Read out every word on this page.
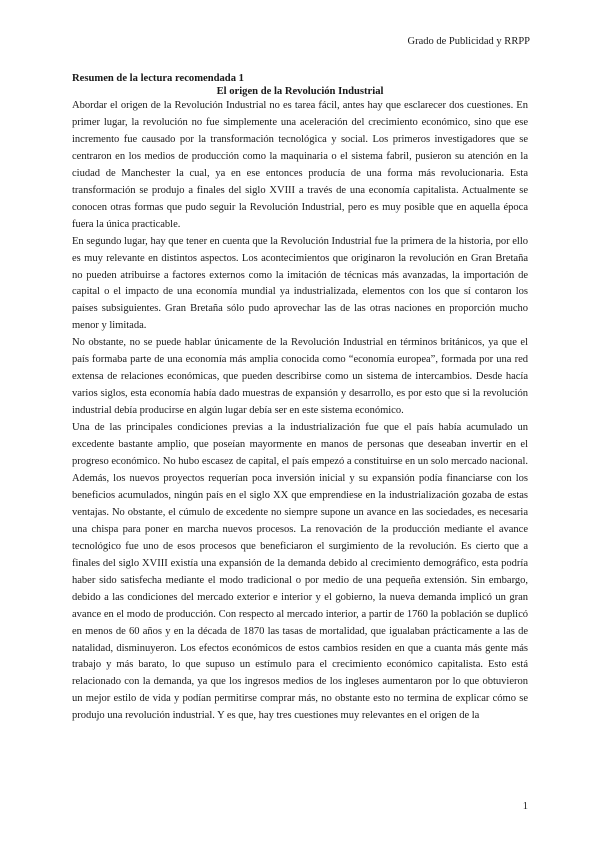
Grado de Publicidad y RRPP

Resumen de la lectura recomendada 1

El origen de la Revolución Industrial

Abordar el origen de la Revolución Industrial no es tarea fácil, antes hay que esclarecer dos cuestiones. En primer lugar, la revolución no fue simplemente una aceleración del crecimiento económico, sino que ese incremento fue causado por la transformación tecnológica y social. Los primeros investigadores que se centraron en los medios de producción como la maquinaria o el sistema fabril, pusieron su atención en la ciudad de Manchester la cual, ya en ese entonces producía de una forma más revolucionaria. Esta transformación se produjo a finales del siglo XVIII a través de una economía capitalista. Actualmente se conocen otras formas que pudo seguir la Revolución Industrial, pero es muy posible que en aquella época fuera la única practicable.

En segundo lugar, hay que tener en cuenta que la Revolución Industrial fue la primera de la historia, por ello es muy relevante en distintos aspectos. Los acontecimientos que originaron la revolución en Gran Bretaña no pueden atribuirse a factores externos como la imitación de técnicas más avanzadas, la importación de capital o el impacto de una economía mundial ya industrializada, elementos con los que sí contaron los países subsiguientes. Gran Bretaña sólo pudo aprovechar las de las otras naciones en proporción mucho menor y limitada.

No obstante, no se puede hablar únicamente de la Revolución Industrial en términos británicos, ya que el país formaba parte de una economía más amplia conocida como “economía europea”, formada por una red extensa de relaciones económicas, que pueden describirse como un sistema de intercambios. Desde hacía varios siglos, esta economía había dado muestras de expansión y desarrollo, es por esto que si la revolución industrial debía producirse en algún lugar debía ser en este sistema económico.

Una de las principales condiciones previas a la industrialización fue que el país había acumulado un excedente bastante amplio, que poseían mayormente en manos de personas que deseaban invertir en el progreso económico. No hubo escasez de capital, el país empezó a constituirse en un solo mercado nacional. Además, los nuevos proyectos requerían poca inversión inicial y su expansión podía financiarse con los beneficios acumulados, ningún país en el siglo XX que emprendiese en la industrialización gozaba de estas ventajas. No obstante, el cúmulo de excedente no siempre supone un avance en las sociedades, es necesaria una chispa para poner en marcha nuevos procesos. La renovación de la producción mediante el avance tecnológico fue uno de esos procesos que beneficiaron el surgimiento de la revolución. Es cierto que a finales del siglo XVIII existía una expansión de la demanda debido al crecimiento demográfico, esta podría haber sido satisfecha mediante el modo tradicional o por medio de una pequeña extensión. Sin embargo, debido a las condiciones del mercado exterior e interior y el gobierno, la nueva demanda implicó un gran avance en el modo de producción. Con respecto al mercado interior, a partir de 1760 la población se duplicó en menos de 60 años y en la década de 1870 las tasas de mortalidad, que igualaban prácticamente a las de natalidad, disminuyeron. Los efectos económicos de estos cambios residen en que a cuanta más gente más trabajo y más barato, lo que supuso un estímulo para el crecimiento económico capitalista. Esto está relacionado con la demanda, ya que los ingresos medios de los ingleses aumentaron por lo que obtuvieron un mejor estilo de vida y podían permitirse comprar más, no obstante esto no termina de explicar cómo se produjo una revolución industrial. Y es que, hay tres cuestiones muy relevantes en el origen de la

1
